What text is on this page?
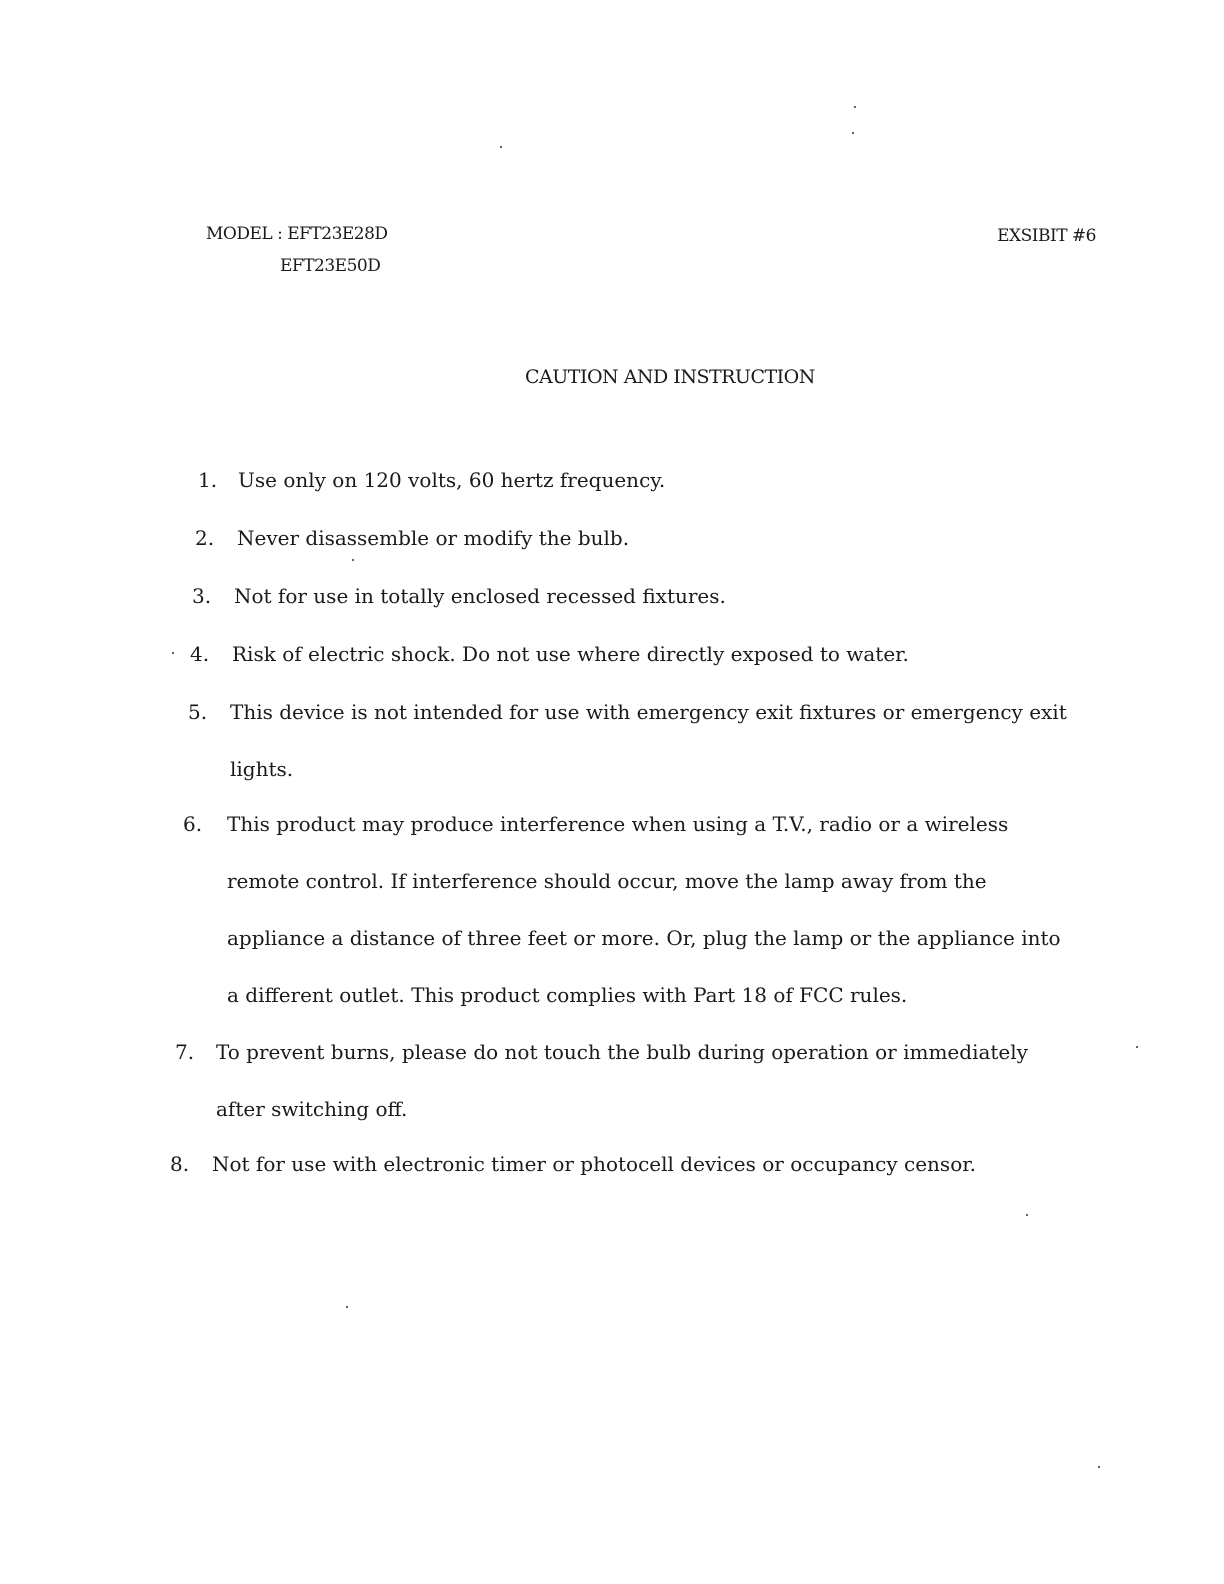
MODEL : EFT23E28D
EFT23E50D
EXSIBIT #6
CAUTION AND INSTRUCTION
1.	Use only on 120 volts, 60 hertz frequency.
2.	Never disassemble or modify the bulb.
3.	Not for use in totally enclosed recessed fixtures.
4.	Risk of electric shock. Do not use where directly exposed to water.
5.	This device is not intended for use with emergency exit fixtures or emergency exit lights.
6.	This product may produce interference when using a T.V., radio or a wireless remote control. If interference should occur, move the lamp away from the appliance a distance of three feet or more. Or, plug the lamp or the appliance into a different outlet. This product complies with Part 18 of FCC rules.
7.	To prevent burns, please do not touch the bulb during operation or immediately after switching off.
8.	Not for use with electronic timer or photocell devices or occupancy censor.
